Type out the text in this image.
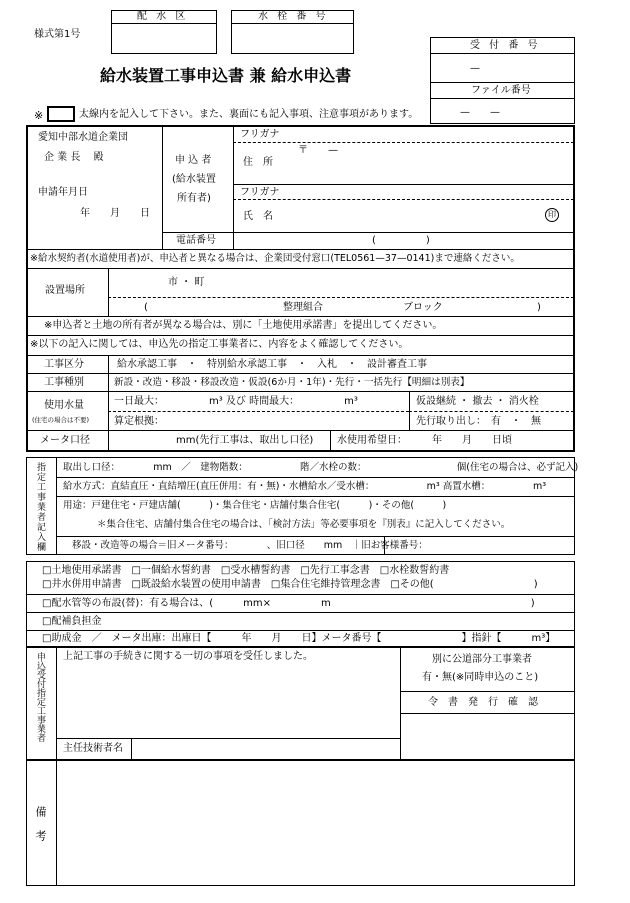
様式第1号
配 水 区	水 栓 番 号
受 付 番 号
—
ファイル番号
—　　—
給水装置工事申込書 兼 給水申込書
※	太線内を記入して下さい。また、裏面にも記入事項、注意事項があります。
愛知中部水道企業団
企 業 長　 殿
申請年月日
年　　月　　日
申 込 者
(給水装置
所有者)
フリガナ
〒　　—
住　所
フリガナ
氏　名	印
電話番号	(　　　　　)
※給水契約者(水道使用者)が、申込者と異なる場合は、企業団受付窓口(TEL0561—37—0141)まで連絡ください。
設置場所
市 ・ 町
(	整理組合	ブロック	)
※申込者と土地の所有者が異なる場合は、別に「土地使用承諾書」を提出してください。
※以下の記入に関しては、申込先の指定工事業者に、内容をよく確認してください。
工事区分	給水承認工事　・　特別給水承認工事　・　入札　・　設計審査工事
工事種別	新設・改造・移設・移設改造・仮設(6か月・1年)・先行・一括先行【明細は別表】
使用水量
(住宅の場合は不要)
一日最大：　　　　　m³ 及び 時間最大：　　　　　m³
算定根拠：
仮設継続 ・ 撤去 ・ 消火栓
先行取り出し：　有　・　無
メータ口径	mm(先行工事は、取出し口径) 水使用希望日：　　　年　　月　　日頃
指定工事業者記入欄 取出し口径：　　　　mm　／　建物階数：　　　　　　階／水栓の数：　　　　　　　　　　個(住宅の場合は、必ず記入)
給水方式：直結直圧・直結増圧(直圧併用：有・無)・水槽給水／受水槽：　　　　　　m³ 高置水槽：　　　　　m³
用途：戸建住宅・戸建店舗(　　　)・集合住宅・店舗付集合住宅(　　　)・その他(　　　)
＊集合住宅、店舗付集合住宅の場合は、「検討方法」等必要事項を『別表』に記入してください。
移設・改造等の場合＝旧メータ番号：　　　　、旧口径　　mm　｜旧お客様番号：
□土地使用承諾書　□一個給水誓約書　□受水槽誓約書　□先行工事念書　□水栓数誓約書
□井水併用申請書　□既設給水装置の使用申請書　□集合住宅維持管理念書　□その他(　　　　　　　　　　)
□配水管等の布設(替)：有る場合は、(　　　mm×　　　　　m　　　　　　　　　　　　　　　　　　　　)
□配補負担金
□助成金　／　メータ出庫：出庫日【　　　年　　月　　日】メータ番号【　　　　　　　　】指針【　　　m³】
申込受付指定工事業者 上記工事の手続きに関する一切の事項を受任しました。	別に公道部分工事業者
有・無(※同時申込のこと)
令　書　発　行　確　認
主任技術者名
備　考
